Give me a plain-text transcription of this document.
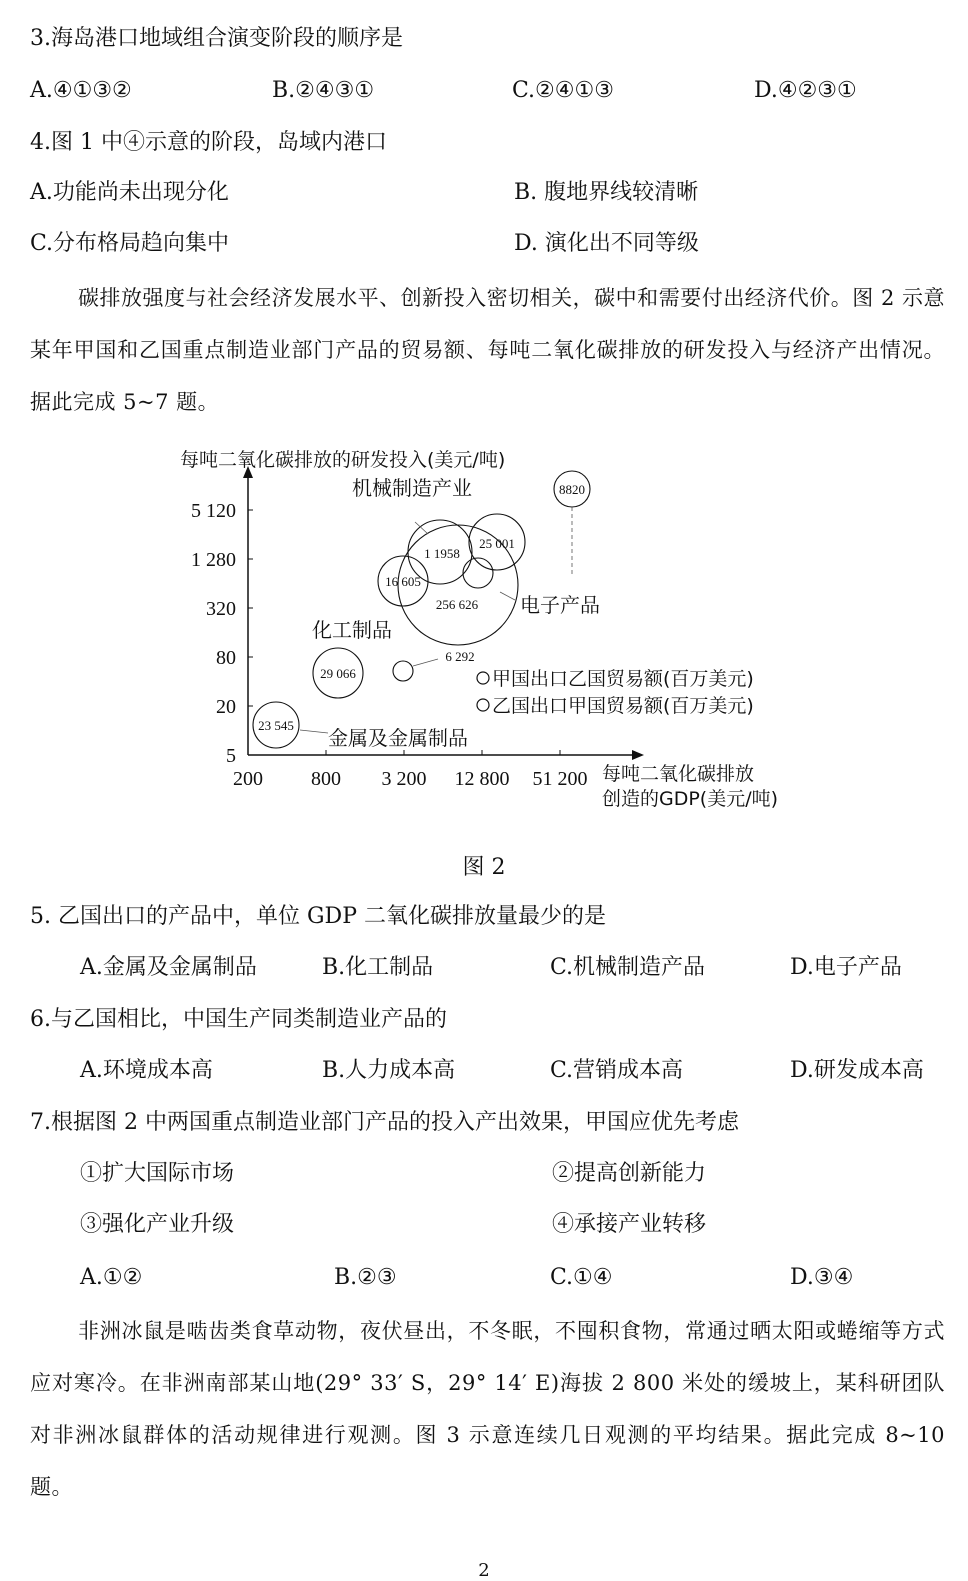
3.海岛港口地域组合演变阶段的顺序是
A.④①③②	B.②④③①	C.②④①③	D.④②③①
4.图 1 中④示意的阶段，岛域内港口
A.功能尚未出现分化	B. 腹地界线较清晰
C.分布格局趋向集中	D. 演化出不同等级
碳排放强度与社会经济发展水平、创新投入密切相关，碳中和需要付出经济代价。图 2 示意某年甲国和乙国重点制造业部门产品的贸易额、每吨二氧化碳排放的研发投入与经济产出情况。据此完成 5~7 题。
200 800 3 200 12 800 51 200
5
20
80
320
1 280
5 120
每吨二氧化碳排放的研发投入(美元/吨)
每吨二氧化碳排放
创造的GDP(美元/吨)
23 545
6 292
29 066
16 605
1 1958
256 626
25 001
8820
机械制造产业
电子产品
化工制品
金属及金属制品
甲国出口乙国贸易额(百万美元)
乙国出口甲国贸易额(百万美元)
图 2
5. 乙国出口的产品中，单位 GDP 二氧化碳排放量最少的是
A.金属及金属制品	B.化工制品	C.机械制造产品	D.电子产品
6.与乙国相比，中国生产同类制造业产品的
A.环境成本高	B.人力成本高	C.营销成本高	D.研发成本高
7.根据图 2 中两国重点制造业部门产品的投入产出效果，甲国应优先考虑
①扩大国际市场	②提高创新能力
③强化产业升级	④承接产业转移
A.①②	B.②③	C.①④	D.③④
非洲冰鼠是啮齿类食草动物，夜伏昼出，不冬眠，不囤积食物，常通过晒太阳或蜷缩等方式应对寒冷。在非洲南部某山地(29° 33′ S，29° 14′ E)海拔 2 800 米处的缓坡上，某科研团队对非洲冰鼠群体的活动规律进行观测。图 3 示意连续几日观测的平均结果。据此完成 8~10 题。
2
